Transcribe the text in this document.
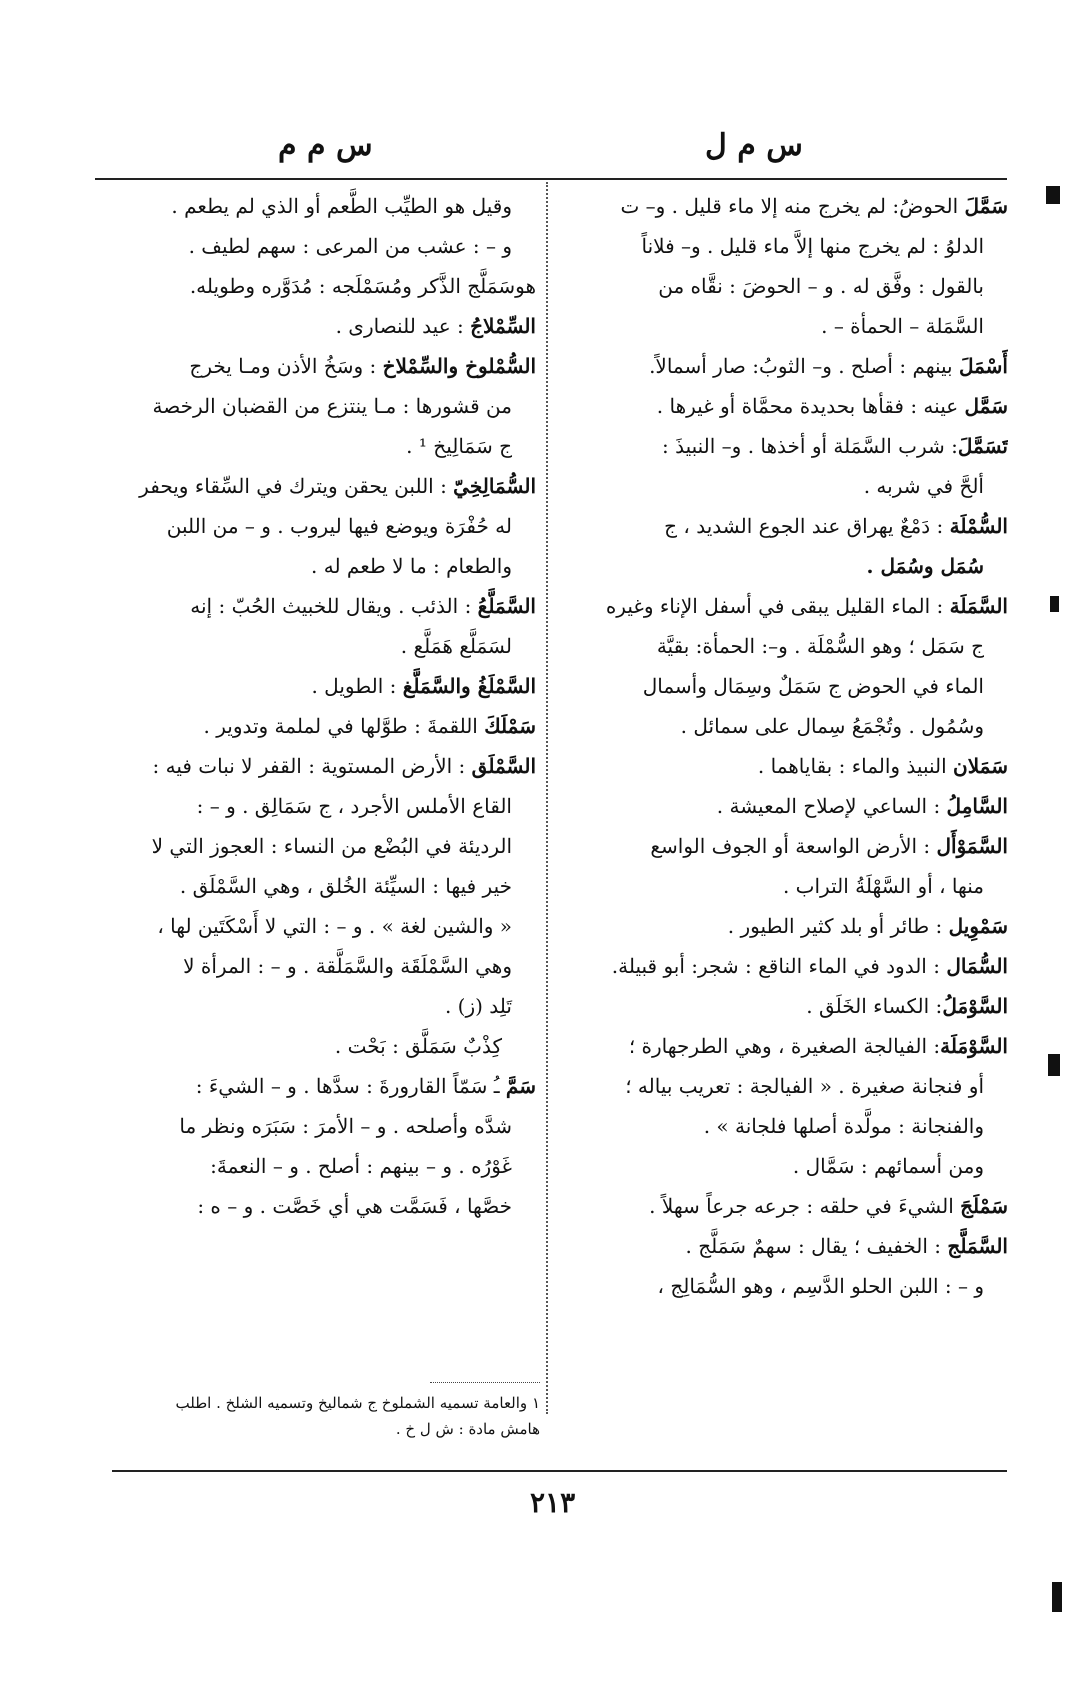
س م ل
س م م
سَمَّلَ الحوضُ: لم يخرج منه إلا ماء قليل . و– ت
الدلوُ : لم يخرج منها إلاَّ ماء قليل . و– فلاناً
بالقول : وفَّق له . و – الحوضَ : نقَّاه من
السَّمَلة – الحمأة – .
أَسْمَلَ بينهم : أصلح . و– الثوبُ: صار أسمالاً.
سَمَّل عينه : فقأها بحديدة محمَّاة أو غيرها .
تَسَمَّلَ: شرب السَّمَلة أو أخذها . و– النبيذَ :
ألحَّ في شربه .
السُّمْلَة : دَمْعٌ يهراق عند الجوع الشديد ، ج
سُمَل وسُمَل .
السَّمَلَة : الماء القليل يبقى في أسفل الإناء وغيره
ج سَمَل ؛ وهو السُّمْلَة . و–: الحمأة: بقيَّة
الماء في الحوض ج سَمَلٌ وسِمَال وأسمال
وسُمُول . وتُجْمَعُ سِمال على سمائل .
سَمَلان النبيذ والماء : بقاياهما .
السَّامِلُ : الساعي لإصلاح المعيشة .
السَّمَوْأَل : الأرض الواسعة أو الجوف الواسع
منها ، أو السَّهْلَةُ التراب .
سَمْوِيل : طائر أو بلد كثير الطيور .
السُّمَال : الدود في الماء الناقع : شجر: أبو قبيلة.
السَّوْمَلُ: الكساء الخَلَق .
السَّوْمَلَة: الفيالجة الصغيرة ، وهي الطرجهارة ؛
أو فنجانة صغيرة . « الفيالجة : تعريب بياله ؛
والفنجانة : مولَّدة أصلها فلجانة » .
ومن أسمائهم : سَمَّال .
سَمْلَجَ الشيءَ في حلقه : جرعه جرعاً سهلاً .
السَّمَلَّج : الخفيف ؛ يقال : سهمٌ سَمَلَّج .
و – : اللبن الحلو الدَّسِم ، وهو السُّمَالِج ،
وقيل هو الطيِّب الطَّعم أو الذي لم يطعم .
و – : عشب من المرعى : سهم لطيف .
هوسَمَلَّج الذَّكر ومُسَمْلَجه : مُدَوَّره وطويله.
السِّمْلاجُ : عيد للنصارى .
السُّمْلوخ والسِّمْلاخ : وسَخُ الأذن ومـا يخرج
من قشورها : مـا ينتزع من القضبان الرخصة
ج سَمَالِيخ ¹ .
السُّمَالِخِيّ : اللبن يحقن ويترك في السِّقاء ويحفر
له حُفْرَة ويوضع فيها ليروب . و – من اللبن
والطعام : ما لا طعم له .
السَّمَلَّعُ : الذئب . ويقال للخبيث الحُبّ : إنه
لسَمَلَّع هَمَلَّع .
السَّمْلَغُ والسَّمَلَّغ : الطويل .
سَمْلَكَ اللقمةَ : طوَّلها في لملمة وتدوير .
السَّمْلَق : الأرض المستوية : القفر لا نبات فيه :
القاع الأملس الأجرد ، ج سَمَالِق . و – :
الرديئة في البُضْع من النساء : العجوز التي لا
خير فيها : السيِّئة الخُلق ، وهي السَّمْلَق .
« والشين لغة » . و – : التي لا أَسْكَتَين لها ،
وهي السَّمْلَقَة والسَّمَلَّقة . و – : المرأة لا
تَلِد (ز) .
كِذْبٌ سَمَلَّق : بَحْت .
سَمَّ ـُ سَمّاً القارورةَ : سدَّها . و – الشيءَ :
شدَّه وأصلحه . و – الأمرَ : سَبَرَه ونظر ما
غَوْرُه . و – بينهم : أصلح . و – النعمةَ:
خصَّها ، فَسَمَّت هي أي خَصَّت . و – ه :
١ والعامة تسميه الشملوخ ج شماليخ وتسميه الشلخ . اطلب
هامش مادة : ش ل خ .
٢١٣
